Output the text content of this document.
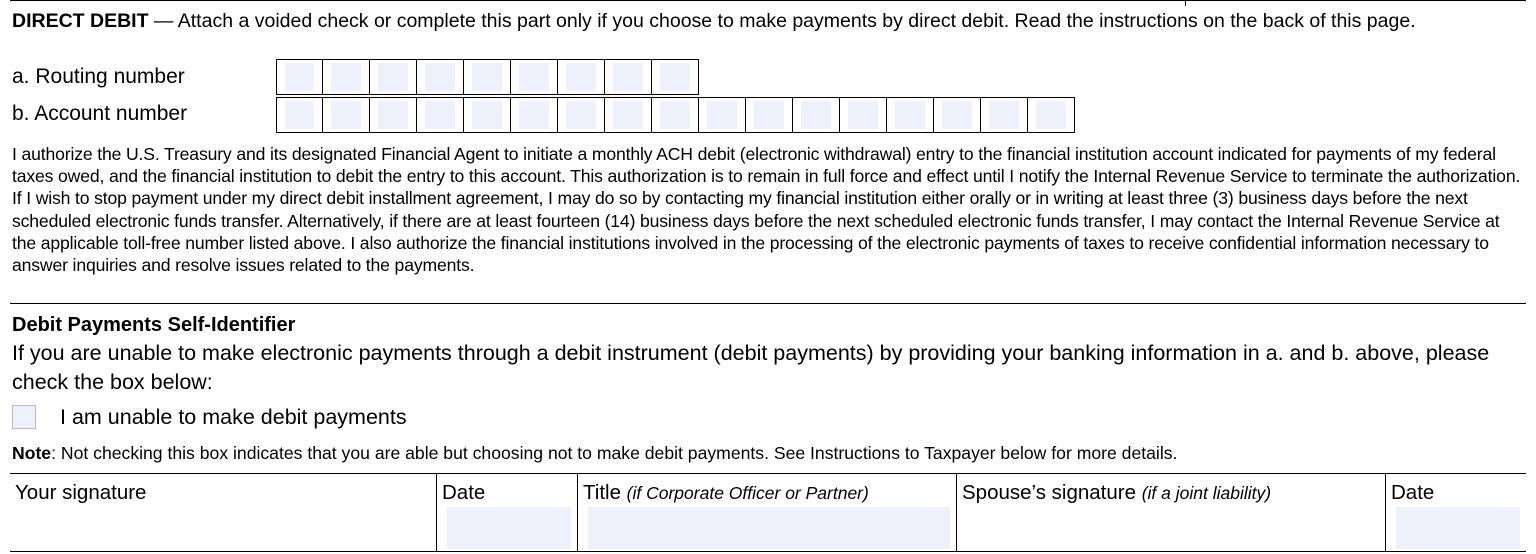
DIRECT DEBIT — Attach a voided check or complete this part only if you choose to make payments by direct debit. Read the instructions on the back of this page.
a. Routing number
b. Account number
I authorize the U.S. Treasury and its designated Financial Agent to initiate a monthly ACH debit (electronic withdrawal) entry to the financial institution account indicated for payments of my federal taxes owed, and the financial institution to debit the entry to this account. This authorization is to remain in full force and effect until I notify the Internal Revenue Service to terminate the authorization. If I wish to stop payment under my direct debit installment agreement, I may do so by contacting my financial institution either orally or in writing at least three (3) business days before the next scheduled electronic funds transfer. Alternatively, if there are at least fourteen (14) business days before the next scheduled electronic funds transfer, I may contact the Internal Revenue Service at the applicable toll-free number listed above. I also authorize the financial institutions involved in the processing of the electronic payments of taxes to receive confidential information necessary to answer inquiries and resolve issues related to the payments.
Debit Payments Self-Identifier
If you are unable to make electronic payments through a debit instrument (debit payments) by providing your banking information in a. and b. above, please check the box below:
I am unable to make debit payments
Note: Not checking this box indicates that you are able but choosing not to make debit payments. See Instructions to Taxpayer below for more details.
Your signature	Date	Title (if Corporate Officer or Partner)	Spouse’s signature (if a joint liability)	Date
